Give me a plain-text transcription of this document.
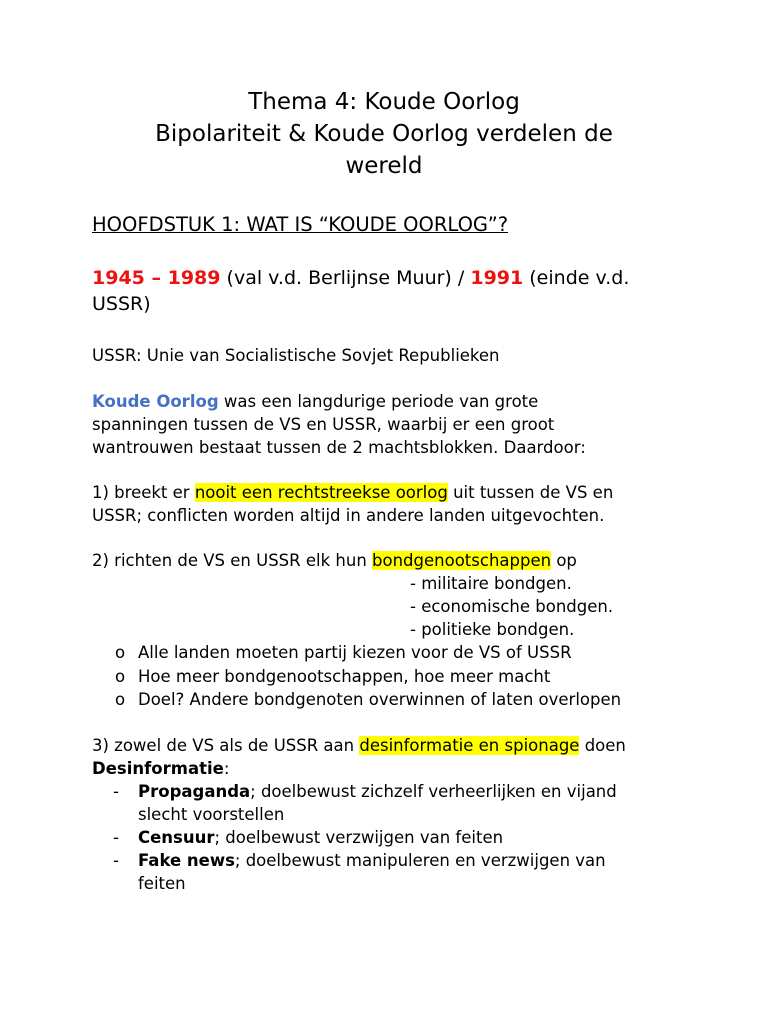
Thema 4: Koude Oorlog
Bipolariteit & Koude Oorlog verdelen de
wereld
HOOFDSTUK 1: WAT IS “KOUDE OORLOG”?
1945 – 1989 (val v.d. Berlijnse Muur) / 1991 (einde v.d.
USSR)
USSR: Unie van Socialistische Sovjet Republieken
Koude Oorlog was een langdurige periode van grote
spanningen tussen de VS en USSR, waarbij er een groot
wantrouwen bestaat tussen de 2 machtsblokken. Daardoor:
1) breekt er nooit een rechtstreekse oorlog uit tussen de VS en
USSR; conflicten worden altijd in andere landen uitgevochten.
2) richten de VS en USSR elk hun bondgenootschappen op
- militaire bondgen.
- economische bondgen.
- politieke bondgen.
o Alle landen moeten partij kiezen voor de VS of USSR
o Hoe meer bondgenootschappen, hoe meer macht
o Doel? Andere bondgenoten overwinnen of laten overlopen
3) zowel de VS als de USSR aan desinformatie en spionage doen
Desinformatie:
- Propaganda; doelbewust zichzelf verheerlijken en vijand
slecht voorstellen
- Censuur; doelbewust verzwijgen van feiten
- Fake news; doelbewust manipuleren en verzwijgen van
feiten
